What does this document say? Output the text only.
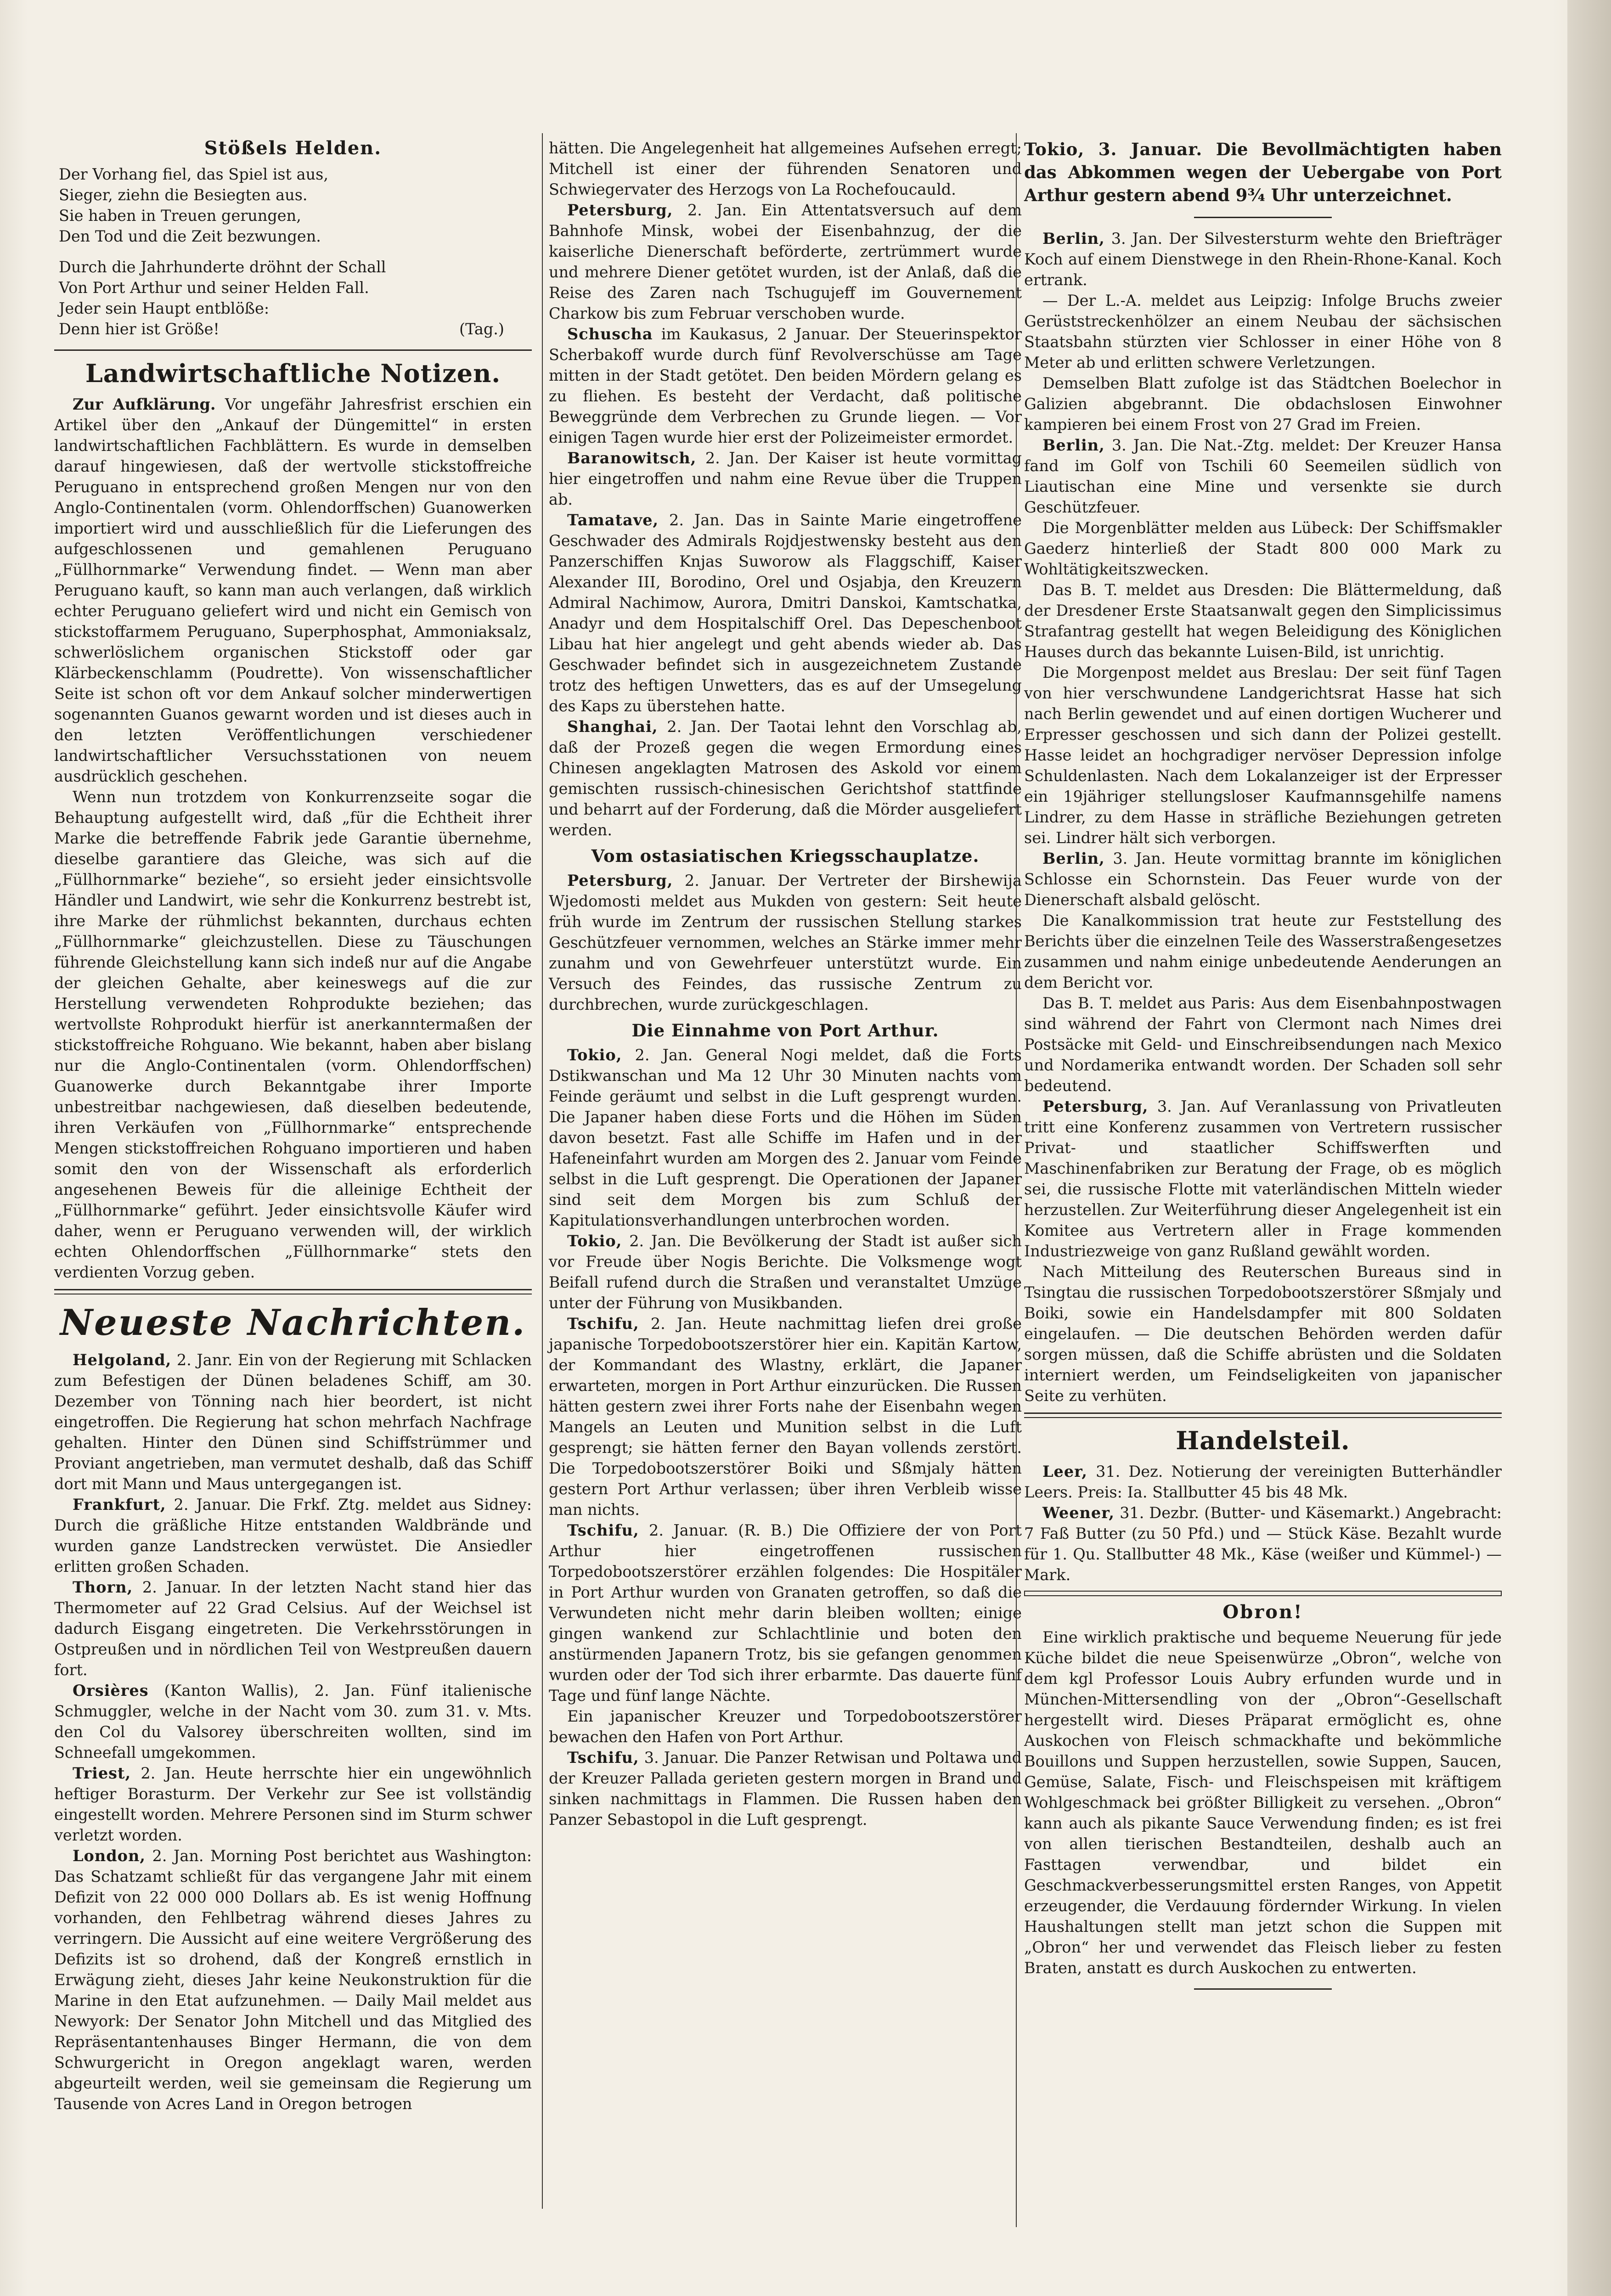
Stößels Helden.
Der Vorhang fiel, das Spiel ist aus,
Sieger, ziehn die Besiegten aus.
Sie haben in Treuen gerungen,
Den Tod und die Zeit bezwungen.
Durch die Jahrhunderte dröhnt der Schall
Von Port Arthur und seiner Helden Fall.
Jeder sein Haupt entblöße:
Denn hier ist Größe!	(Tag.)
Landwirtschaftliche Notizen.

Zur Aufklärung. Vor ungefähr Jahresfrist erschien ein Artikel über den „Ankauf der Düngemittel“ in ersten landwirtschaftlichen Fachblättern. Es wurde in demselben darauf hingewiesen, daß der wertvolle stickstoffreiche Peruguano in entsprechend großen Mengen nur von den Anglo-Continentalen (vorm. Ohlendorffschen) Guanowerken importiert wird und ausschließlich für die Lieferungen des aufgeschlossenen und gemahlenen Peruguano „Füllhornmarke“ Verwendung findet. — Wenn man aber Peruguano kauft, so kann man auch verlangen, daß wirklich echter Peruguano geliefert wird und nicht ein Gemisch von stickstoffarmem Peruguano, Superphosphat, Ammoniaksalz, schwerlöslichem organischen Stickstoff oder gar Klärbeckenschlamm (Poudrette). Von wissenschaftlicher Seite ist schon oft vor dem Ankauf solcher minderwertigen sogenannten Guanos gewarnt worden und ist dieses auch in den letzten Veröffentlichungen verschiedener landwirtschaftlicher Versuchsstationen von neuem ausdrücklich geschehen.

Wenn nun trotzdem von Konkurrenzseite sogar die Behauptung aufgestellt wird, daß „für die Echtheit ihrer Marke die betreffende Fabrik jede Garantie übernehme, dieselbe garantiere das Gleiche, was sich auf die „Füllhornmarke“ beziehe“, so ersieht jeder einsichtsvolle Händler und Landwirt, wie sehr die Konkurrenz bestrebt ist, ihre Marke der rühmlichst bekannten, durchaus echten „Füllhornmarke“ gleichzustellen. Diese zu Täuschungen führende Gleichstellung kann sich indeß nur auf die Angabe der gleichen Gehalte, aber keineswegs auf die zur Herstellung verwendeten Rohprodukte beziehen; das wertvollste Rohprodukt hierfür ist anerkanntermaßen der stickstoffreiche Rohguano. Wie bekannt, haben aber bislang nur die Anglo-Continentalen (vorm. Ohlendorffschen) Guanowerke durch Bekanntgabe ihrer Importe unbestreitbar nachgewiesen, daß dieselben bedeutende, ihren Verkäufen von „Füllhornmarke“ entsprechende Mengen stickstoffreichen Rohguano importieren und haben somit den von der Wissenschaft als erforderlich angesehenen Beweis für die alleinige Echtheit der „Füllhornmarke“ geführt. Jeder einsichtsvolle Käufer wird daher, wenn er Peruguano verwenden will, der wirklich echten Ohlendorffschen „Füllhornmarke“ stets den verdienten Vorzug geben.

Neueste Nachrichten.

Helgoland, 2. Janr. Ein von der Regierung mit Schlacken zum Befestigen der Dünen beladenes Schiff, am 30. Dezember von Tönning nach hier beordert, ist nicht eingetroffen. Die Regierung hat schon mehrfach Nachfrage gehalten. Hinter den Dünen sind Schiffstrümmer und Proviant angetrieben, man vermutet deshalb, daß das Schiff dort mit Mann und Maus untergegangen ist.

Frankfurt, 2. Januar. Die Frkf. Ztg. meldet aus Sidney: Durch die gräßliche Hitze entstanden Waldbrände und wurden ganze Landstrecken verwüstet. Die Ansiedler erlitten großen Schaden.

Thorn, 2. Januar. In der letzten Nacht stand hier das Thermometer auf 22 Grad Celsius. Auf der Weichsel ist dadurch Eisgang eingetreten. Die Verkehrsstörungen in Ostpreußen und in nördlichen Teil von Westpreußen dauern fort.

Orsières (Kanton Wallis), 2. Jan. Fünf italienische Schmuggler, welche in der Nacht vom 30. zum 31. v. Mts. den Col du Valsorey überschreiten wollten, sind im Schneefall umgekommen.

Triest, 2. Jan. Heute herrschte hier ein ungewöhnlich heftiger Borasturm. Der Verkehr zur See ist vollständig eingestellt worden. Mehrere Personen sind im Sturm schwer verletzt worden.

London, 2. Jan. Morning Post berichtet aus Washington: Das Schatzamt schließt für das vergangene Jahr mit einem Defizit von 22 000 000 Dollars ab. Es ist wenig Hoffnung vorhanden, den Fehlbetrag während dieses Jahres zu verringern. Die Aussicht auf eine weitere Vergrößerung des Defizits ist so drohend, daß der Kongreß ernstlich in Erwägung zieht, dieses Jahr keine Neukonstruktion für die Marine in den Etat aufzunehmen. — Daily Mail meldet aus Newyork: Der Senator John Mitchell und das Mitglied des Repräsentantenhauses Binger Hermann, die von dem Schwurgericht in Oregon angeklagt waren, werden abgeurteilt werden, weil sie gemeinsam die Regierung um Tausende von Acres Land in Oregon betrogen

hätten. Die Angelegenheit hat allgemeines Aufsehen erregt; Mitchell ist einer der führenden Senatoren und Schwiegervater des Herzogs von La Rochefoucauld.

Petersburg, 2. Jan. Ein Attentatsversuch auf dem Bahnhofe Minsk, wobei der Eisenbahnzug, der die kaiserliche Dienerschaft beförderte, zertrümmert wurde und mehrere Diener getötet wurden, ist der Anlaß, daß die Reise des Zaren nach Tschugujeff im Gouvernement Charkow bis zum Februar verschoben wurde.

Schuscha im Kaukasus, 2 Januar. Der Steuerinspektor Scherbakoff wurde durch fünf Revolverschüsse am Tage mitten in der Stadt getötet. Den beiden Mördern gelang es zu fliehen. Es besteht der Verdacht, daß politische Beweggründe dem Verbrechen zu Grunde liegen. — Vor einigen Tagen wurde hier erst der Polizeimeister ermordet.

Baranowitsch, 2. Jan. Der Kaiser ist heute vormittag hier eingetroffen und nahm eine Revue über die Truppen ab.

Tamatave, 2. Jan. Das in Sainte Marie eingetroffene Geschwader des Admirals Rojdjestwensky besteht aus den Panzerschiffen Knjas Suworow als Flaggschiff, Kaiser Alexander III, Borodino, Orel und Osjabja, den Kreuzern Admiral Nachimow, Aurora, Dmitri Danskoi, Kamtschatka, Anadyr und dem Hospitalschiff Orel. Das Depeschenboot Libau hat hier angelegt und geht abends wieder ab. Das Geschwader befindet sich in ausgezeichnetem Zustande trotz des heftigen Unwetters, das es auf der Umsegelung des Kaps zu überstehen hatte.

Shanghai, 2. Jan. Der Taotai lehnt den Vorschlag ab, daß der Prozeß gegen die wegen Ermordung eines Chinesen angeklagten Matrosen des Askold vor einem gemischten russisch-chinesischen Gerichtshof stattfinde und beharrt auf der Forderung, daß die Mörder ausgeliefert werden.

Vom ostasiatischen Kriegsschauplatze.

Petersburg, 2. Januar. Der Vertreter der Birshewija Wjedomosti meldet aus Mukden von gestern: Seit heute früh wurde im Zentrum der russischen Stellung starkes Geschützfeuer vernommen, welches an Stärke immer mehr zunahm und von Gewehrfeuer unterstützt wurde. Ein Versuch des Feindes, das russische Zentrum zu durchbrechen, wurde zurückgeschlagen.

Die Einnahme von Port Arthur.

Tokio, 2. Jan. General Nogi meldet, daß die Forts Dstikwanschan und Ma 12 Uhr 30 Minuten nachts vom Feinde geräumt und selbst in die Luft gesprengt wurden. Die Japaner haben diese Forts und die Höhen im Süden davon besetzt. Fast alle Schiffe im Hafen und in der Hafeneinfahrt wurden am Morgen des 2. Januar vom Feinde selbst in die Luft gesprengt. Die Operationen der Japaner sind seit dem Morgen bis zum Schluß der Kapitulationsverhandlungen unterbrochen worden.

Tokio, 2. Jan. Die Bevölkerung der Stadt ist außer sich vor Freude über Nogis Berichte. Die Volksmenge wogt Beifall rufend durch die Straßen und veranstaltet Umzüge unter der Führung von Musikbanden.

Tschifu, 2. Jan. Heute nachmittag liefen drei große japanische Torpedobootszerstörer hier ein. Kapitän Kartow, der Kommandant des Wlastny, erklärt, die Japaner erwarteten, morgen in Port Arthur einzurücken. Die Russen hätten gestern zwei ihrer Forts nahe der Eisenbahn wegen Mangels an Leuten und Munition selbst in die Luft gesprengt; sie hätten ferner den Bayan vollends zerstört. Die Torpedobootszerstörer Boiki und Sßmjaly hätten gestern Port Arthur verlassen; über ihren Verbleib wisse man nichts.

Tschifu, 2. Januar. (R. B.) Die Offiziere der von Port Arthur hier eingetroffenen russischen Torpedobootszerstörer erzählen folgendes: Die Hospitäler in Port Arthur wurden von Granaten getroffen, so daß die Verwundeten nicht mehr darin bleiben wollten; einige gingen wankend zur Schlachtlinie und boten den anstürmenden Japanern Trotz, bis sie gefangen genommen wurden oder der Tod sich ihrer erbarmte. Das dauerte fünf Tage und fünf lange Nächte.

Ein japanischer Kreuzer und Torpedobootszerstörer bewachen den Hafen von Port Arthur.

Tschifu, 3. Januar. Die Panzer Retwisan und Poltawa und der Kreuzer Pallada gerieten gestern morgen in Brand und sinken nachmittags in Flammen. Die Russen haben den Panzer Sebastopol in die Luft gesprengt.

Tokio, 3. Januar. Die Bevollmächtigten haben das Abkommen wegen der Uebergabe von Port Arthur gestern abend 9¾ Uhr unterzeichnet.

Berlin, 3. Jan. Der Silvestersturm wehte den Briefträger Koch auf einem Dienstwege in den Rhein-Rhone-Kanal. Koch ertrank.

— Der L.-A. meldet aus Leipzig: Infolge Bruchs zweier Gerüststreckenhölzer an einem Neubau der sächsischen Staatsbahn stürzten vier Schlosser in einer Höhe von 8 Meter ab und erlitten schwere Verletzungen.

Demselben Blatt zufolge ist das Städtchen Boelechor in Galizien abgebrannt. Die obdachslosen Einwohner kampieren bei einem Frost von 27 Grad im Freien.

Berlin, 3. Jan. Die Nat.-Ztg. meldet: Der Kreuzer Hansa fand im Golf von Tschili 60 Seemeilen südlich von Liautischan eine Mine und versenkte sie durch Geschützfeuer.

Die Morgenblätter melden aus Lübeck: Der Schiffsmakler Gaederz hinterließ der Stadt 800 000 Mark zu Wohltätigkeitszwecken.

Das B. T. meldet aus Dresden: Die Blättermeldung, daß der Dresdener Erste Staatsanwalt gegen den Simplicissimus Strafantrag gestellt hat wegen Beleidigung des Königlichen Hauses durch das bekannte Luisen-Bild, ist unrichtig.

Die Morgenpost meldet aus Breslau: Der seit fünf Tagen von hier verschwundene Landgerichtsrat Hasse hat sich nach Berlin gewendet und auf einen dortigen Wucherer und Erpresser geschossen und sich dann der Polizei gestellt. Hasse leidet an hochgradiger nervöser Depression infolge Schuldenlasten. Nach dem Lokalanzeiger ist der Erpresser ein 19jähriger stellungsloser Kaufmannsgehilfe namens Lindrer, zu dem Hasse in sträfliche Beziehungen getreten sei. Lindrer hält sich verborgen.

Berlin, 3. Jan. Heute vormittag brannte im königlichen Schlosse ein Schornstein. Das Feuer wurde von der Dienerschaft alsbald gelöscht.

Die Kanalkommission trat heute zur Feststellung des Berichts über die einzelnen Teile des Wasserstraßengesetzes zusammen und nahm einige unbedeutende Aenderungen an dem Bericht vor.

Das B. T. meldet aus Paris: Aus dem Eisenbahnpostwagen sind während der Fahrt von Clermont nach Nimes drei Postsäcke mit Geld- und Einschreibsendungen nach Mexico und Nordamerika entwandt worden. Der Schaden soll sehr bedeutend.

Petersburg, 3. Jan. Auf Veranlassung von Privatleuten tritt eine Konferenz zusammen von Vertretern russischer Privat- und staatlicher Schiffswerften und Maschinenfabriken zur Beratung der Frage, ob es möglich sei, die russische Flotte mit vaterländischen Mitteln wieder herzustellen. Zur Weiterführung dieser Angelegenheit ist ein Komitee aus Vertretern aller in Frage kommenden Industriezweige von ganz Rußland gewählt worden.

Nach Mitteilung des Reuterschen Bureaus sind in Tsingtau die russischen Torpedobootszerstörer Sßmjaly und Boiki, sowie ein Handelsdampfer mit 800 Soldaten eingelaufen. — Die deutschen Behörden werden dafür sorgen müssen, daß die Schiffe abrüsten und die Soldaten interniert werden, um Feindseligkeiten von japanischer Seite zu verhüten.

Handelsteil.

Leer, 31. Dez. Notierung der vereinigten Butterhändler Leers. Preis: Ia. Stallbutter 45 bis 48 Mk.

Weener, 31. Dezbr. (Butter- und Käsemarkt.) Angebracht: 7 Faß Butter (zu 50 Pfd.) und — Stück Käse. Bezahlt wurde für 1. Qu. Stallbutter 48 Mk., Käse (weißer und Kümmel-) — Mark.

Obron!

Eine wirklich praktische und bequeme Neuerung für jede Küche bildet die neue Speisenwürze „Obron“, welche von dem kgl Professor Louis Aubry erfunden wurde und in München-Mittersendling von der „Obron“-Gesellschaft hergestellt wird. Dieses Präparat ermöglicht es, ohne Auskochen von Fleisch schmackhafte und bekömmliche Bouillons und Suppen herzustellen, sowie Suppen, Saucen, Gemüse, Salate, Fisch- und Fleischspeisen mit kräftigem Wohlgeschmack bei größter Billigkeit zu versehen. „Obron“ kann auch als pikante Sauce Verwendung finden; es ist frei von allen tierischen Bestandteilen, deshalb auch an Fasttagen verwendbar, und bildet ein Geschmackverbesserungsmittel ersten Ranges, von Appetit erzeugender, die Verdauung fördernder Wirkung. In vielen Haushaltungen stellt man jetzt schon die Suppen mit „Obron“ her und verwendet das Fleisch lieber zu festen Braten, anstatt es durch Auskochen zu entwerten.
